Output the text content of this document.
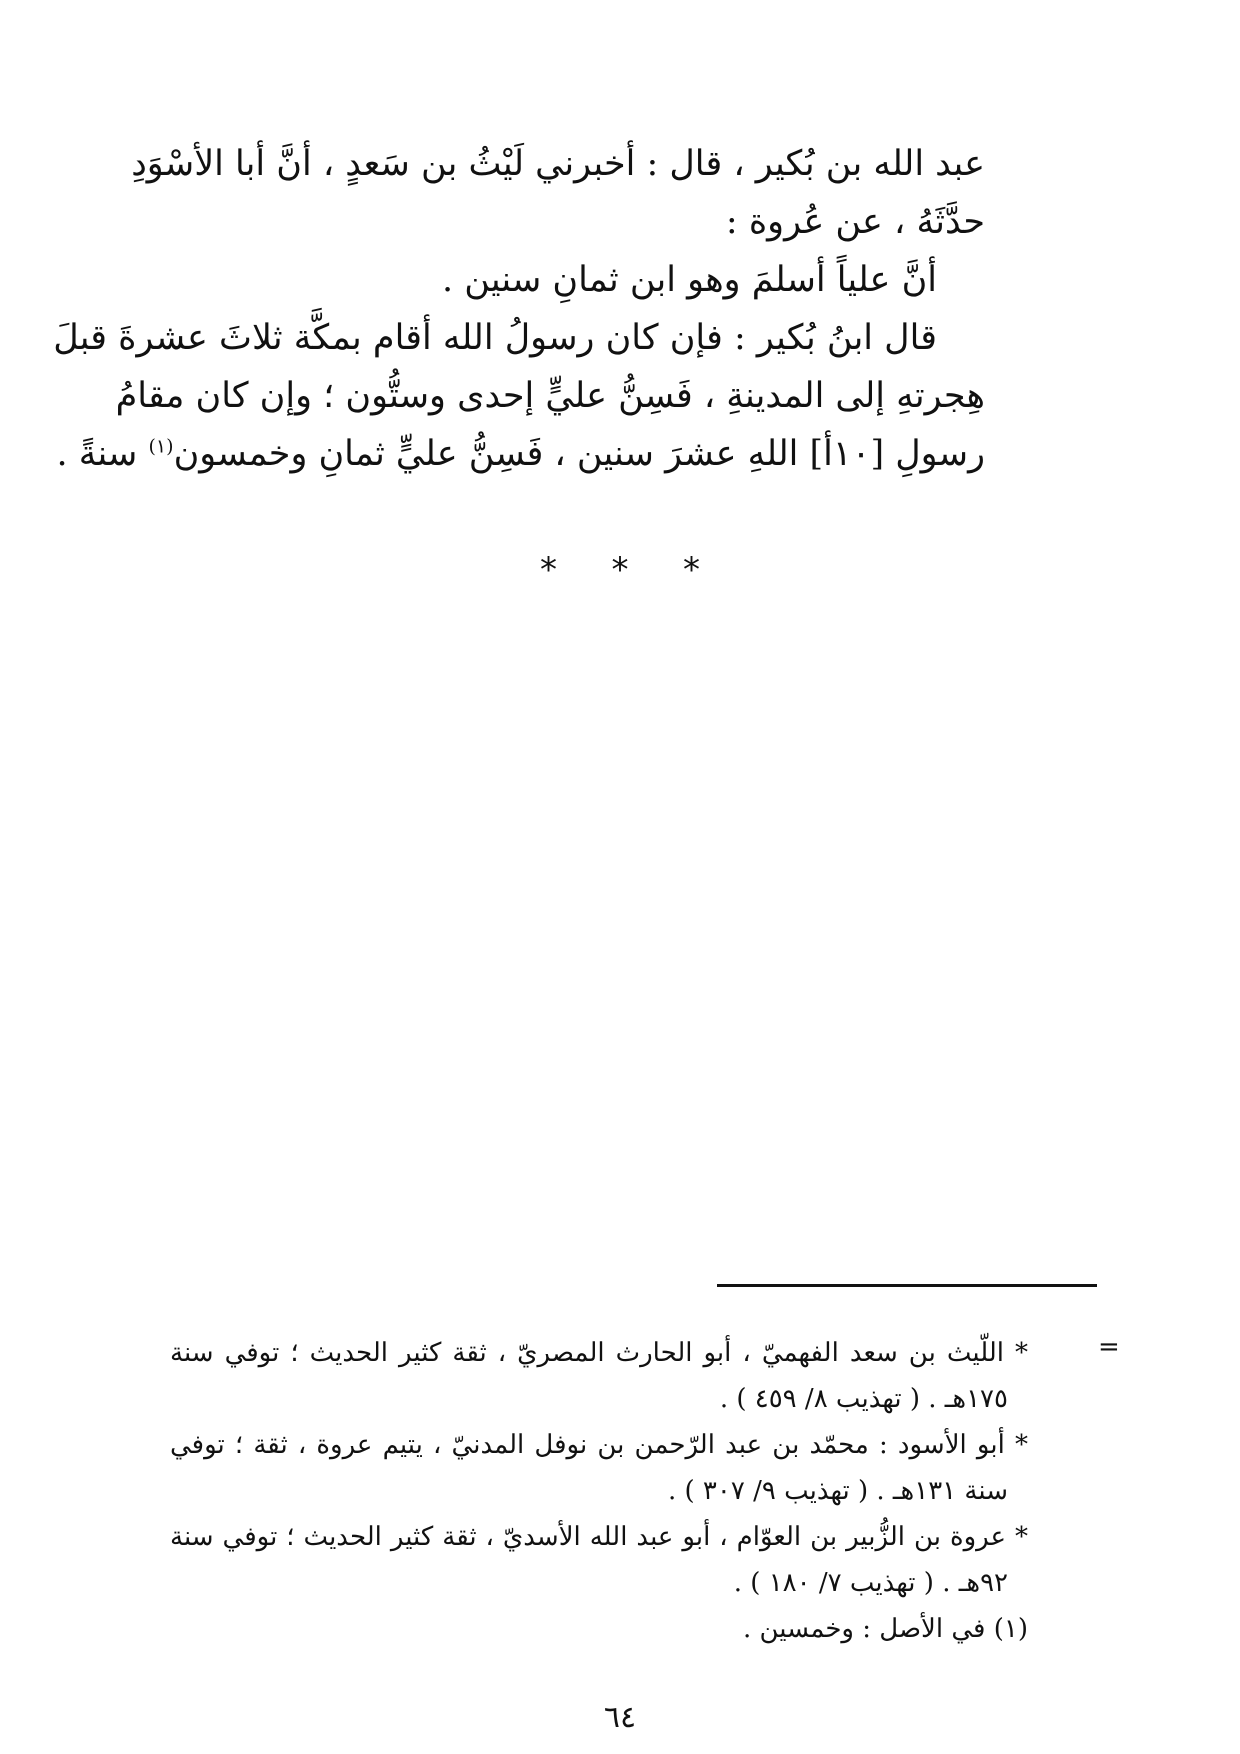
عبد الله بن بُكير ، قال : أخبرني لَيْثُ بن سَعدٍ ، أنَّ أبا الأسْوَدِ
حدَّثَهُ ، عن عُروة :
أنَّ علياً أسلمَ وهو ابن ثمانِ سنين .
قال ابنُ بُكير : فإن كان رسولُ الله أقام بمكَّة ثلاثَ عشرةَ قبلَ
هِجرتهِ إلى المدينةِ ، فَسِنُّ عليٍّ إحدى وستُّون ؛ وإن كان مقامُ
رسولِ [١٠أ] اللهِ عشرَ سنين ، فَسِنُّ عليٍّ ثمانِ وخمسون$^{(١)}$ سنةً .
* * *
=
* اللّيث بن سعد الفهميّ ، أبو الحارث المصريّ ، ثقة كثير الحديث ؛ توفي سنة
١٧٥هـ . ( تهذيب ٨/ ٤٥٩ ) .
* أبو الأسود : محمّد بن عبد الرّحمن بن نوفل المدنيّ ، يتيم عروة ، ثقة ؛ توفي
سنة ١٣١هـ . ( تهذيب ٩/ ٣٠٧ ) .
* عروة بن الزُّبير بن العوّام ، أبو عبد الله الأسديّ ، ثقة كثير الحديث ؛ توفي سنة
٩٢هـ . ( تهذيب ٧/ ١٨٠ ) .
(١) في الأصل : وخمسين .
٦٤
